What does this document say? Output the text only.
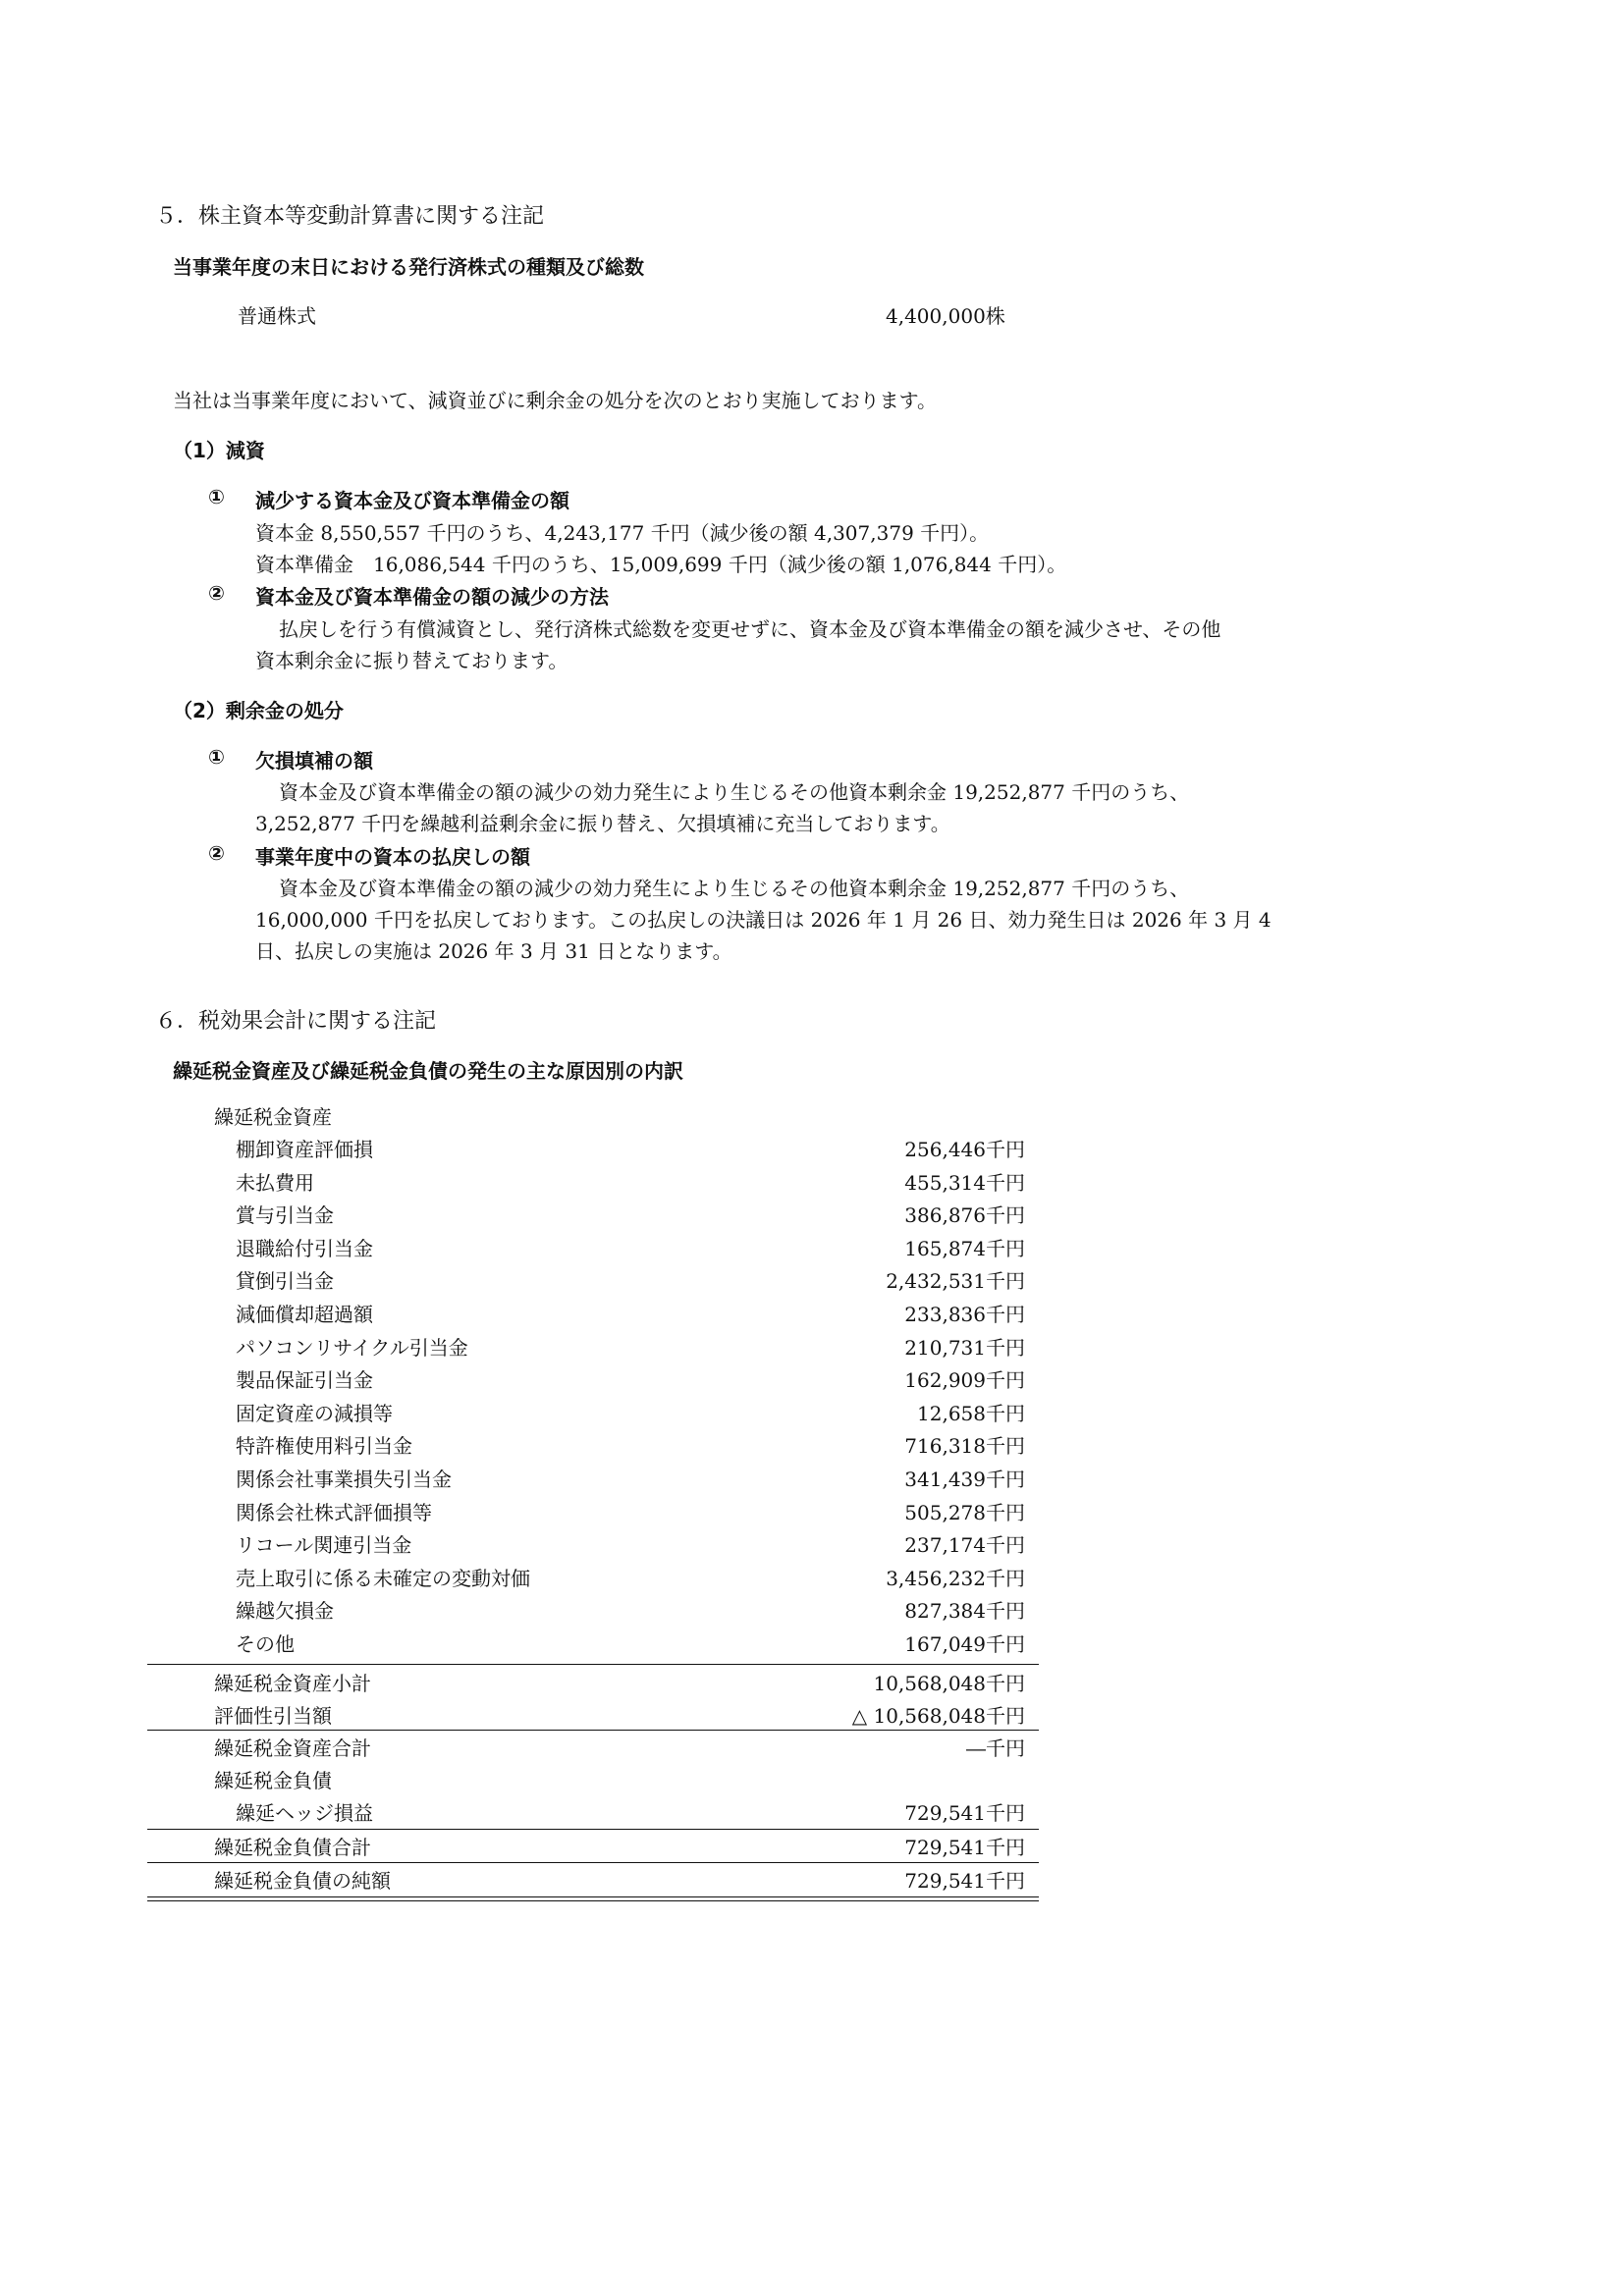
５．株主資本等変動計算書に関する注記
当事業年度の末日における発行済株式の種類及び総数
普通株式	4,400,000株
当社は当事業年度において、減資並びに剰余金の処分を次のとおり実施しております。
（1）減資
① 減少する資本金及び資本準備金の額
資本金 8,550,557 千円のうち、4,243,177 千円（減少後の額 4,307,379 千円）。
資本準備金　16,086,544 千円のうち、15,009,699 千円（減少後の額 1,076,844 千円）。
② 資本金及び資本準備金の額の減少の方法
払戻しを行う有償減資とし、発行済株式総数を変更せずに、資本金及び資本準備金の額を減少させ、その他
資本剰余金に振り替えております。
（2）剰余金の処分
① 欠損填補の額
資本金及び資本準備金の額の減少の効力発生により生じるその他資本剰余金 19,252,877 千円のうち、
3,252,877 千円を繰越利益剰余金に振り替え、欠損填補に充当しております。
② 事業年度中の資本の払戻しの額
資本金及び資本準備金の額の減少の効力発生により生じるその他資本剰余金 19,252,877 千円のうち、
16,000,000 千円を払戻しております。この払戻しの決議日は 2026 年 1 月 26 日、効力発生日は 2026 年 3 月 4
日、払戻しの実施は 2026 年 3 月 31 日となります。
６．税効果会計に関する注記
繰延税金資産及び繰延税金負債の発生の主な原因別の内訳
繰延税金資産
棚卸資産評価損	256,446千円
未払費用	455,314千円
賞与引当金	386,876千円
退職給付引当金	165,874千円
貸倒引当金	2,432,531千円
減価償却超過額	233,836千円
パソコンリサイクル引当金	210,731千円
製品保証引当金	162,909千円
固定資産の減損等	12,658千円
特許権使用料引当金	716,318千円
関係会社事業損失引当金	341,439千円
関係会社株式評価損等	505,278千円
リコール関連引当金	237,174千円
売上取引に係る未確定の変動対価	3,456,232千円
繰越欠損金	827,384千円
その他	167,049千円
繰延税金資産小計	10,568,048千円
評価性引当額	△ 10,568,048千円
繰延税金資産合計	―千円
繰延税金負債
繰延ヘッジ損益	729,541千円
繰延税金負債合計	729,541千円
繰延税金負債の純額	729,541千円
